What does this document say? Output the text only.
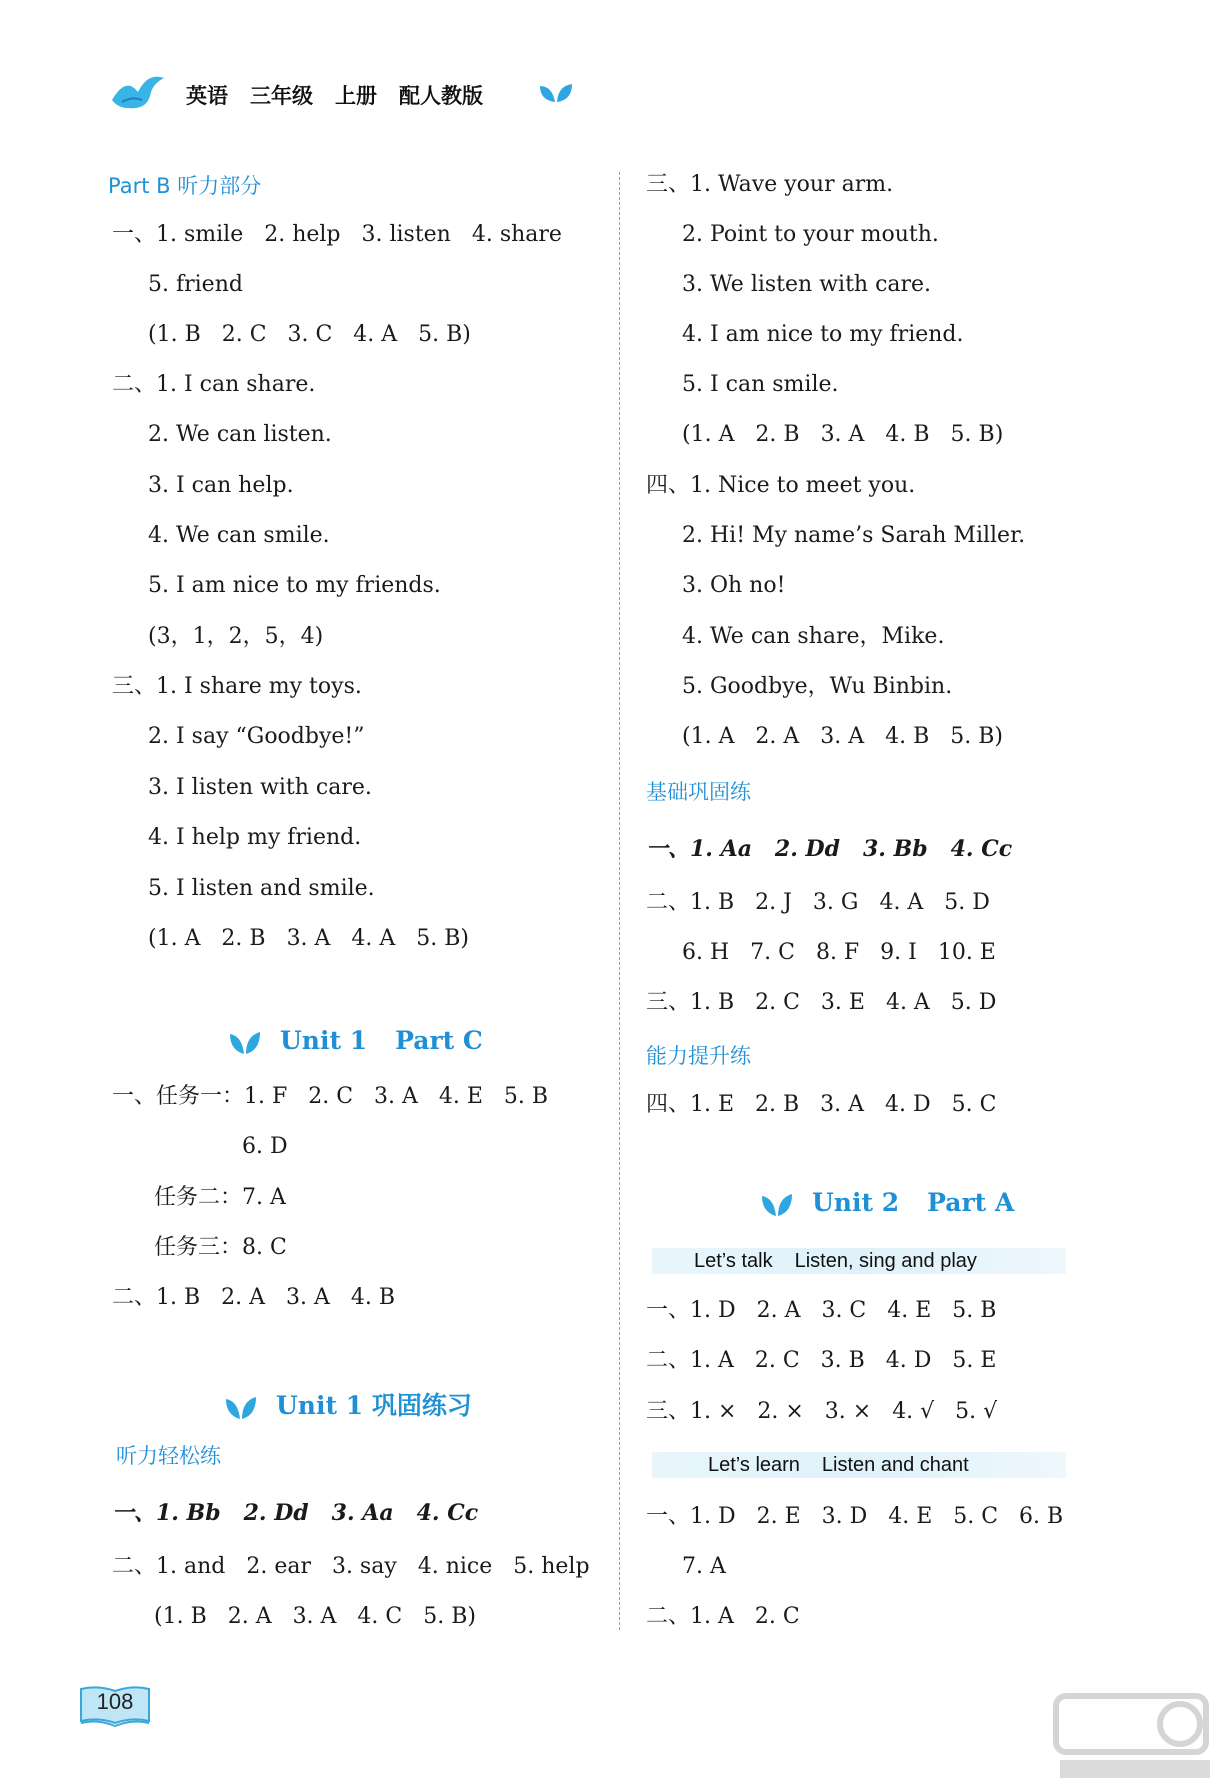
英语 三年级 上册 配人教版
Part B 听力部分
一、1. smile   2. help   3. listen   4. share
5. friend
(1. B   2. C   3. C   4. A   5. B)
二、1. I can share.
2. We can listen.
3. I can help.
4. We can smile.
5. I am nice to my friends.
(3，1，2，5，4)
三、1. I share my toys.
2. I say “Goodbye!”
3. I listen with care.
4. I help my friend.
5. I listen and smile.
(1. A   2. B   3. A   4. A   5. B)
Unit 1 Part C
一、任务一：1. F   2. C   3. A   4. E   5. B
6. D
任务二：7. A
任务三：8. C
二、1. B   2. A   3. A   4. B
Unit 1 巩固练习
听力轻松练
一、1. Bb   2. Dd   3. Aa   4. Cc
二、1. and   2. ear   3. say   4. nice   5. help
(1. B   2. A   3. A   4. C   5. B)
三、1. Wave your arm.
2. Point to your mouth.
3. We listen with care.
4. I am nice to my friend.
5. I can smile.
(1. A   2. B   3. A   4. B   5. B)
四、1. Nice to meet you.
2. Hi! My name’s Sarah Miller.
3. Oh no!
4. We can share，Mike.
5. Goodbye，Wu Binbin.
(1. A   2. A   3. A   4. B   5. B)
基础巩固练
一、1. Aa   2. Dd   3. Bb   4. Cc
二、1. B   2. J   3. G   4. A   5. D
6. H   7. C   8. F   9. I   10. E
三、1. B   2. C   3. E   4. A   5. D
能力提升练
四、1. E   2. B   3. A   4. D   5. C
Unit 2 Part A
Let’s talk Listen, sing and play
一、1. D   2. A   3. C   4. E   5. B
二、1. A   2. C   3. B   4. D   5. E
三、1. ×   2. ×   3. ×   4. √   5. √
Let’s learn Listen and chant
一、1. D   2. E   3. D   4. E   5. C   6. B
7. A
二、1. A   2. C
108
